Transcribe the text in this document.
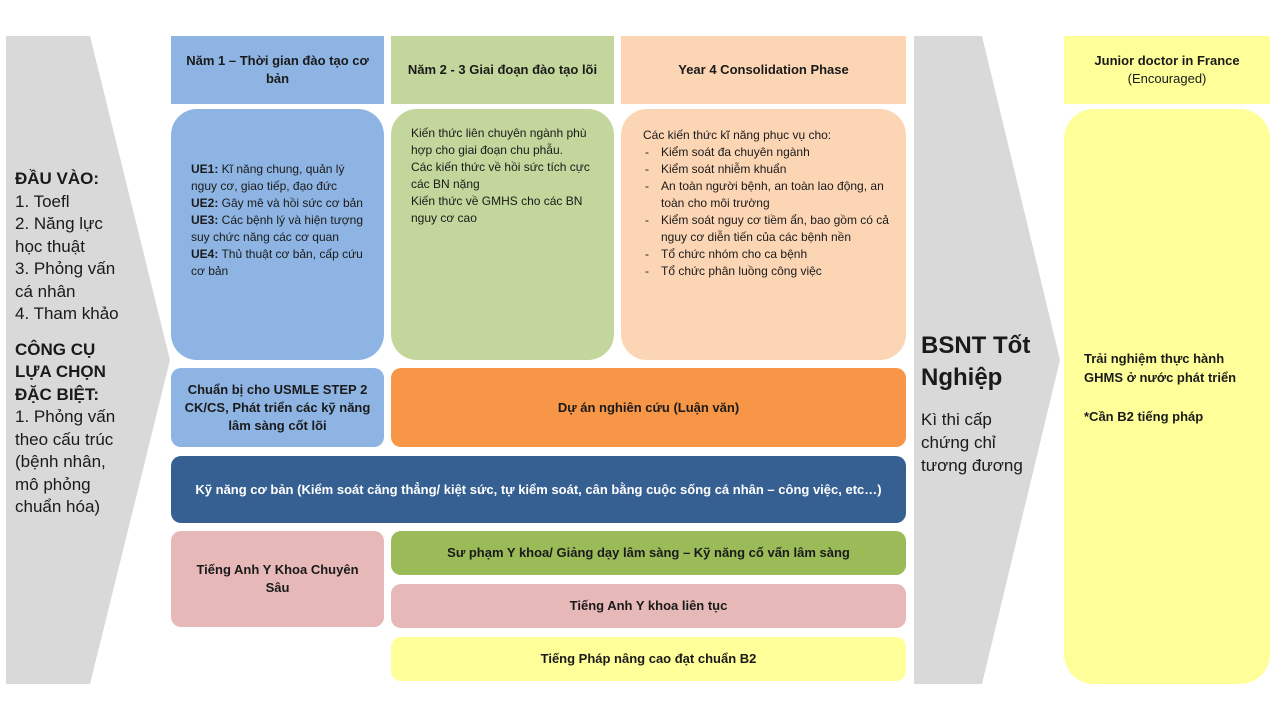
ĐẦU VÀO:
1. Toefl
2. Năng lực học thuật
3. Phỏng vấn cá nhân
4. Tham khảo
CÔNG CỤ LỰA CHỌN ĐẶC BIỆT:
1. Phỏng vấn theo cấu trúc (bệnh nhân, mô phỏng chuẩn hóa)
Năm 1 – Thời gian đào tạo cơ bản
Năm 2 - 3 Giai đoạn đào tạo lõi	Year 4 Consolidation Phase
UE1: Kĩ năng chung, quản lý nguy cơ, giao tiếp, đạo đức
UE2: Gây mê và hồi sức cơ bản
UE3: Các bệnh lý và hiện tượng suy chức năng các cơ quan
UE4: Thủ thuật cơ bản, cấp cứu cơ bản
Kiến thức liên chuyên ngành phù hợp cho giai đoạn chu phẫu.
Các kiến thức về hồi sức tích cực các BN nặng
Kiến thức về GMHS cho các BN nguy cơ cao
Các kiến thức kĩ năng phục vụ cho:
- Kiểm soát đa chuyên ngành
- Kiểm soát nhiễm khuẩn
- An toàn người bệnh, an toàn lao động, an toàn cho môi trường
- Kiểm soát nguy cơ tiềm ẩn, bao gồm có cả nguy cơ diễn tiến của các bệnh nền
- Tổ chức nhóm cho ca bệnh
- Tổ chức phân luồng công việc
Chuẩn bị cho USMLE STEP 2 CK/CS, Phát triển các kỹ năng lâm sàng cốt lõi
Dự án nghiên cứu (Luận văn)
Kỹ năng cơ bản (Kiểm soát căng thẳng/ kiệt sức, tự kiểm soát, cân bằng cuộc sống cá nhân – công việc, etc…)
Tiếng Anh Y Khoa Chuyên Sâu
Sư phạm Y khoa/ Giảng dạy lâm sàng – Kỹ năng cố vấn lâm sàng
Tiếng Anh Y khoa liên tục
Tiếng Pháp nâng cao đạt chuẩn B2
BSNT Tốt Nghiệp
Kì thi cấp chứng chỉ tương đương
Junior doctor in France
(Encouraged)
Trải nghiệm thực hành GHMS ở nước phát triển
*Cần B2 tiếng pháp
